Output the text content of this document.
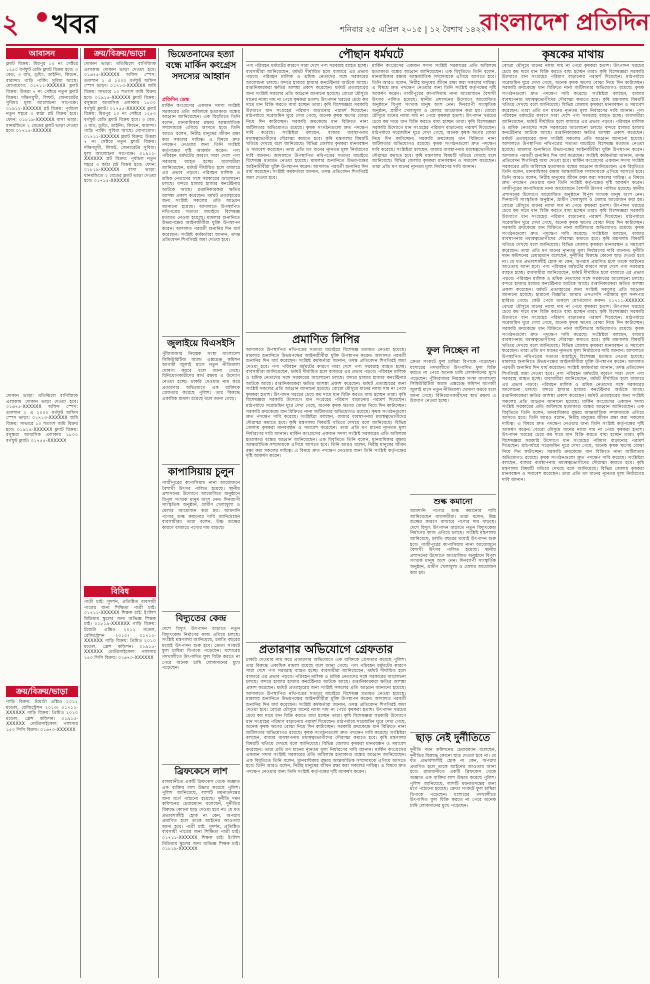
২ খবর	শনিবার ২৫ এপ্রিল ২০১৫ | ১২ বৈশাখ ১৪২২
বাংলাদেশ প্রতিদিন
আবাসন
ফ্ল্যাট বিক্রয়: মিরপুর ১০ নং সেক্টরে ১২৫০ বর্গফুট রেডি ফ্ল্যাট বিক্রয় হবে। ৩ বেড, ৩ বাথ, ড্রয়িং, ডাইনিং, কিচেন, বারান্দা। গাড়ি পার্কিং সুবিধা আছে। যোগাযোগ: ০১৭১১-XXXXXX ফ্ল্যাট বিক্রয়: উত্তরা ৭ নং সেক্টরে নতুন ফ্ল্যাট বিক্রয়। দক্ষিণমুখী, লিফট, জেনারেটর সুবিধা। মূল্য আলোচনা সাপেক্ষে। ০১৯১২-XXXXXX প্লট বিক্রয়: পূর্বাচল নতুন শহরে ৩ কাঠা প্লট বিক্রয় হবে। ফোন: ০১৮১৯-XXXXXX বাসা ভাড়া: ধানমন্ডিতে ২ বেডের ফ্ল্যাট ভাড়া দেওয়া হবে। ০১৭১৫-XXXXXX
দোকান ভাড়া: মতিঝিলে বাণিজ্যিক এলাকায় দোকান ভাড়া দেওয়া হবে। ০১৬৭৫-XXXXXX অফিস স্পেস: গুলশান ২ এ ২০০০ বর্গফুট অফিস স্পেস ভাড়া। ০১৭১৩-XXXXXX জমি বিক্রয়: সাভারে ১০ শতাংশ জমি বিক্রয় হবে। ০১৯১৪-XXXXXX ফ্ল্যাট বিক্রয়: বসুন্ধরা আবাসিক এলাকায় ১৮০০ বর্গফুট ফ্ল্যাট। ০১৭৫৫-XXXXXX
ক্রয়/বিক্রয়/ভাড়া
গাড়ি বিক্রয়: টয়োটা এক্সিও ২০১২ মডেল, রেজিস্ট্রেশন ২০১৩। ০১৭১২-XXXXXX গাড়ি বিক্রয়: প্রিমিও ২০১০ মডেল, ফ্রেশ কন্ডিশন। ০১৯১৫-XXXXXX মোটরসাইকেল: পালসার ১৫০ সিসি বিক্রয়। ০১৬৭০-XXXXXX
ক্রয়/বিক্রয়/ভাড়া
দোকান ভাড়া: মতিঝিলে বাণিজ্যিক এলাকায় দোকান ভাড়া দেওয়া হবে। ০১৬৭৫-XXXXXX অফিস স্পেস: গুলশান ২ এ ২০০০ বর্গফুট অফিস স্পেস ভাড়া। ০১৭১৩-XXXXXX জমি বিক্রয়: সাভারে ১০ শতাংশ জমি বিক্রয় হবে। ০১৯১৪-XXXXXX ফ্ল্যাট বিক্রয়: বসুন্ধরা আবাসিক এলাকায় ১৮০০ বর্গফুট ফ্ল্যাট। ০১৭৫৫-XXXXXX ফ্ল্যাট বিক্রয়: মিরপুর ১০ নং সেক্টরে ১২৫০ বর্গফুট রেডি ফ্ল্যাট বিক্রয় হবে। ৩ বেড, ৩ বাথ, ড্রয়িং, ডাইনিং, কিচেন, বারান্দা। গাড়ি পার্কিং সুবিধা আছে। যোগাযোগ: ০১৭১১-XXXXXX ফ্ল্যাট বিক্রয়: উত্তরা ৭ নং সেক্টরে নতুন ফ্ল্যাট বিক্রয়। দক্ষিণমুখী, লিফট, জেনারেটর সুবিধা। মূল্য আলোচনা সাপেক্ষে। ০১৯১২-XXXXXX প্লট বিক্রয়: পূর্বাচল নতুন শহরে ৩ কাঠা প্লট বিক্রয় হবে। ফোন: ০১৮১৯-XXXXXX বাসা ভাড়া: ধানমন্ডিতে ২ বেডের ফ্ল্যাট ভাড়া দেওয়া হবে। ০১৭১৫-XXXXXX
বিবিধ
পাত্রী চাই: সুদর্শন, প্রতিষ্ঠিত ব্যবসায়ী পাত্রের জন্য শিক্ষিতা পাত্রী চাই। ০১৭১১-XXXXXX শিক্ষক চাই: ইংলিশ মিডিয়াম স্কুলের জন্য অভিজ্ঞ শিক্ষক চাই। ০১৮১৯-XXXXXX গাড়ি বিক্রয়: টয়োটা এক্সিও ২০১২ মডেল, রেজিস্ট্রেশন ২০১৩। ০১৭১২-XXXXXX গাড়ি বিক্রয়: প্রিমিও ২০১০ মডেল, ফ্রেশ কন্ডিশন। ০১৯১৫-XXXXXX মোটরসাইকেল: পালসার ১৫০ সিসি বিক্রয়। ০১৬৭০-XXXXXX
ভিয়েতনামের হত্যা বন্ধে মার্কিন কংগ্রেস সদস্যের আহ্বান
প্রতিদিন ডেস্ক
মার্কিন কংগ্রেসের একজন সদস্য সংশ্লিষ্ট সরকারের প্রতি অবিলম্বে হত্যাকাণ্ড বন্ধের আহ্বান জানিয়েছেন। এক বিবৃতিতে তিনি বলেন, মানবাধিকার রক্ষায় আন্তর্জাতিক সম্প্রদায়কে এগিয়ে আসতে হবে। তিনি আরও বলেন, নিরীহ মানুষের জীবন রক্ষা করা সকলের দায়িত্ব। এ বিষয়ে দ্রুত পদক্ষেপ নেওয়ার জন্য তিনি সংশ্লিষ্ট কর্তৃপক্ষের দৃষ্টি আকর্ষণ করেন। পণ্য পরিবহন ধর্মঘটের কারণে সারা দেশে পণ্য সরবরাহ ব্যাহত হচ্ছে। ব্যবসায়ীরা জানিয়েছেন, ধর্মঘট দীর্ঘায়িত হলে বাজারে এর প্রভাব পড়বে। পরিবহন মালিক ও শ্রমিক নেতাদের সঙ্গে সরকারের আলোচনা চলছে। বন্দরে হাজার হাজার কনটেইনার আটকে আছে। রপ্তানিকারকরা ক্ষতির আশঙ্কা প্রকাশ করেছেন। ধর্মঘট প্রত্যাহারের জন্য সংশ্লিষ্ট সকলের প্রতি আহ্বান জানানো হয়েছে। আদালতে উপস্থাপিত নথিপত্রের সত্যতা যাচাইয়ে বিশেষজ্ঞ মতামত নেওয়া হয়েছে। মামলার শুনানিতে উভয়পক্ষের আইনজীবীরা যুক্তি উপস্থাপন করেন। আদালত পরবর্তী শুনানির দিন ধার্য করেছেন। সংশ্লিষ্ট কর্মকর্তারা জানান, তদন্ত প্রতিবেদন শিগগিরই জমা দেওয়া হবে।
জুলাইয়ে বিএসইসি
পুঁজিবাজার নিয়ন্ত্রক সংস্থা বাংলাদেশ সিকিউরিটিজ অ্যান্ড এক্সচেঞ্জ কমিশন আগামী জুলাই মাসে নতুন নীতিমালা ঘোষণা করবে বলে জানা গেছে। বিনিয়োগকারীদের স্বার্থ রক্ষায় এ উদ্যোগ নেওয়া হচ্ছে। চাকরি দেওয়ার নাম করে প্রতারণার অভিযোগে এক ব্যক্তিকে গ্রেফতার করেছে পুলিশ। তার বিরুদ্ধে একাধিক মামলা রয়েছে বলে জানা গেছে।
কাপাসিয়ায় চুলুন
গাজীপুরের কাপাসিয়ায় নানা আয়োজনে বৈশাখী উৎসব পালিত হয়েছে। স্থানীয় প্রশাসনের উদ্যোগে আয়োজিত অনুষ্ঠানে বিপুল সংখ্যক মানুষ অংশ নেন। দিনব্যাপী সাংস্কৃতিক অনুষ্ঠান, গ্রামীণ খেলাধুলা ও মেলার আয়োজন করা হয়। আমদানি পণ্যের শুল্ক কমানোর দাবি জানিয়েছেন ব্যবসায়ীরা। তারা বলেন, উচ্চ শুল্কের কারণে বাজারে পণ্যের দাম বাড়ছে।
বিদ্যুতের কেন্দ্র
দেশে বিদ্যুৎ উৎপাদন বাড়াতে নতুন বিদ্যুৎকেন্দ্র নির্মাণের কাজ এগিয়ে চলছে। সংশ্লিষ্ট মন্ত্রণালয় জানিয়েছে, চলতি বছরের মধ্যেই উৎপাদন শুরু হবে। ক্রেতা সংকটে ফুল চাষিরা বিপাকে পড়েছেন। যশোরের গদখালীতে উৎপাদিত ফুল বিক্রি করতে না পেরে অনেক চাষি লোকসানের মুখে পড়েছেন।
ব্রিফকেসে লাশ
রাজধানীতে একটি ব্রিফকেস থেকে অজ্ঞাত এক ব্যক্তির লাশ উদ্ধার করেছে পুলিশ। পুলিশ জানিয়েছে, লাশটি ময়নাতদন্তের জন্য মর্গে পাঠানো হয়েছে। দুর্নীতি দমন কমিশনের চেয়ারম্যান বলেছেন, দুর্নীতির বিরুদ্ধে কোনো ছাড় দেওয়া হবে না। যে যত প্রভাবশালীই হোক না কেন, অপরাধ প্রমাণিত হলে তাকে আইনের আওতায় আনা হবে। পাত্রী চাই: সুদর্শন, প্রতিষ্ঠিত ব্যবসায়ী পাত্রের জন্য শিক্ষিতা পাত্রী চাই। ০১৭১১-XXXXXX শিক্ষক চাই: ইংলিশ মিডিয়াম স্কুলের জন্য অভিজ্ঞ শিক্ষক চাই। ০১৮১৯-XXXXXX
পৌছান ধর্মঘটে
পণ্য পরিবহন ধর্মঘটের কারণে সারা দেশে পণ্য সরবরাহ ব্যাহত হচ্ছে। ব্যবসায়ীরা জানিয়েছেন, ধর্মঘট দীর্ঘায়িত হলে বাজারে এর প্রভাব পড়বে। পরিবহন মালিক ও শ্রমিক নেতাদের সঙ্গে সরকারের আলোচনা চলছে। বন্দরে হাজার হাজার কনটেইনার আটকে আছে। রপ্তানিকারকরা ক্ষতির আশঙ্কা প্রকাশ করেছেন। ধর্মঘট প্রত্যাহারের জন্য সংশ্লিষ্ট সকলের প্রতি আহ্বান জানানো হয়েছে। বোরো মৌসুমে ধানের ন্যায্য দাম না পেয়ে কৃষকরা হতাশ। উৎপাদন খরচের চেয়ে কম দামে ধান বিক্রি করতে বাধ্য হচ্ছেন তারা। কৃষি বিশেষজ্ঞরা সরকারি উদ্যোগে ধান সংগ্রহের পরিমাণ বাড়ানোর পরামর্শ দিয়েছেন। মাঠপর্যায়ে সরেজমিন ঘুরে দেখা গেছে, অনেক কৃষক ঋণের বোঝা নিয়ে দিন কাটাচ্ছেন। সরকারি ক্রয়কেন্দ্রে ধান বিক্রিতে নানা জটিলতার অভিযোগও রয়েছে। কৃষক সংগঠনগুলো দ্রুত পদক্ষেপ দাবি করেছে। সংশ্লিষ্টরা বলছেন, বাজার ব্যবস্থাপনায় মধ্যস্বত্বভোগীদের দৌরাত্ম্য কমাতে হবে। কৃষি মন্ত্রণালয় বিষয়টি খতিয়ে দেখছে বলে জানিয়েছে। বিভিন্ন জেলায় কৃষকরা মানববন্ধন ও সমাবেশ করেছেন। তারা প্রতি মণ ধানের ন্যূনতম মূল্য নির্ধারণের দাবি জানান। আদালতে উপস্থাপিত নথিপত্রের সত্যতা যাচাইয়ে বিশেষজ্ঞ মতামত নেওয়া হয়েছে। মামলার শুনানিতে উভয়পক্ষের আইনজীবীরা যুক্তি উপস্থাপন করেন। আদালত পরবর্তী শুনানির দিন ধার্য করেছেন। সংশ্লিষ্ট কর্মকর্তারা জানান, তদন্ত প্রতিবেদন শিগগিরই জমা দেওয়া হবে।
মার্কিন কংগ্রেসের একজন সদস্য সংশ্লিষ্ট সরকারের প্রতি অবিলম্বে হত্যাকাণ্ড বন্ধের আহ্বান জানিয়েছেন। এক বিবৃতিতে তিনি বলেন, মানবাধিকার রক্ষায় আন্তর্জাতিক সম্প্রদায়কে এগিয়ে আসতে হবে। তিনি আরও বলেন, নিরীহ মানুষের জীবন রক্ষা করা সকলের দায়িত্ব। এ বিষয়ে দ্রুত পদক্ষেপ নেওয়ার জন্য তিনি সংশ্লিষ্ট কর্তৃপক্ষের দৃষ্টি আকর্ষণ করেন। গাজীপুরের কাপাসিয়ায় নানা আয়োজনে বৈশাখী উৎসব পালিত হয়েছে। স্থানীয় প্রশাসনের উদ্যোগে আয়োজিত অনুষ্ঠানে বিপুল সংখ্যক মানুষ অংশ নেন। দিনব্যাপী সাংস্কৃতিক অনুষ্ঠান, গ্রামীণ খেলাধুলা ও মেলার আয়োজন করা হয়। বোরো মৌসুমে ধানের ন্যায্য দাম না পেয়ে কৃষকরা হতাশ। উৎপাদন খরচের চেয়ে কম দামে ধান বিক্রি করতে বাধ্য হচ্ছেন তারা। কৃষি বিশেষজ্ঞরা সরকারি উদ্যোগে ধান সংগ্রহের পরিমাণ বাড়ানোর পরামর্শ দিয়েছেন। মাঠপর্যায়ে সরেজমিন ঘুরে দেখা গেছে, অনেক কৃষক ঋণের বোঝা নিয়ে দিন কাটাচ্ছেন। সরকারি ক্রয়কেন্দ্রে ধান বিক্রিতে নানা জটিলতার অভিযোগও রয়েছে। কৃষক সংগঠনগুলো দ্রুত পদক্ষেপ দাবি করেছে। সংশ্লিষ্টরা বলছেন, বাজার ব্যবস্থাপনায় মধ্যস্বত্বভোগীদের দৌরাত্ম্য কমাতে হবে। কৃষি মন্ত্রণালয় বিষয়টি খতিয়ে দেখছে বলে জানিয়েছে। বিভিন্ন জেলায় কৃষকরা মানববন্ধন ও সমাবেশ করেছেন। তারা প্রতি মণ ধানের ন্যূনতম মূল্য নির্ধারণের দাবি জানান।
প্রমাণিত লিপির
আদালতে উপস্থাপিত নথিপত্রের সত্যতা যাচাইয়ে বিশেষজ্ঞ মতামত নেওয়া হয়েছে। মামলার শুনানিতে উভয়পক্ষের আইনজীবীরা যুক্তি উপস্থাপন করেন। আদালত পরবর্তী শুনানির দিন ধার্য করেছেন। সংশ্লিষ্ট কর্মকর্তারা জানান, তদন্ত প্রতিবেদন শিগগিরই জমা দেওয়া হবে। পণ্য পরিবহন ধর্মঘটের কারণে সারা দেশে পণ্য সরবরাহ ব্যাহত হচ্ছে। ব্যবসায়ীরা জানিয়েছেন, ধর্মঘট দীর্ঘায়িত হলে বাজারে এর প্রভাব পড়বে। পরিবহন মালিক ও শ্রমিক নেতাদের সঙ্গে সরকারের আলোচনা চলছে। বন্দরে হাজার হাজার কনটেইনার আটকে আছে। রপ্তানিকারকরা ক্ষতির আশঙ্কা প্রকাশ করেছেন। ধর্মঘট প্রত্যাহারের জন্য সংশ্লিষ্ট সকলের প্রতি আহ্বান জানানো হয়েছে। বোরো মৌসুমে ধানের ন্যায্য দাম না পেয়ে কৃষকরা হতাশ। উৎপাদন খরচের চেয়ে কম দামে ধান বিক্রি করতে বাধ্য হচ্ছেন তারা। কৃষি বিশেষজ্ঞরা সরকারি উদ্যোগে ধান সংগ্রহের পরিমাণ বাড়ানোর পরামর্শ দিয়েছেন। মাঠপর্যায়ে সরেজমিন ঘুরে দেখা গেছে, অনেক কৃষক ঋণের বোঝা নিয়ে দিন কাটাচ্ছেন। সরকারি ক্রয়কেন্দ্রে ধান বিক্রিতে নানা জটিলতার অভিযোগও রয়েছে। কৃষক সংগঠনগুলো দ্রুত পদক্ষেপ দাবি করেছে। সংশ্লিষ্টরা বলছেন, বাজার ব্যবস্থাপনায় মধ্যস্বত্বভোগীদের দৌরাত্ম্য কমাতে হবে। কৃষি মন্ত্রণালয় বিষয়টি খতিয়ে দেখছে বলে জানিয়েছে। বিভিন্ন জেলায় কৃষকরা মানববন্ধন ও সমাবেশ করেছেন। তারা প্রতি মণ ধানের ন্যূনতম মূল্য নির্ধারণের দাবি জানান। মার্কিন কংগ্রেসের একজন সদস্য সংশ্লিষ্ট সরকারের প্রতি অবিলম্বে হত্যাকাণ্ড বন্ধের আহ্বান জানিয়েছেন। এক বিবৃতিতে তিনি বলেন, মানবাধিকার রক্ষায় আন্তর্জাতিক সম্প্রদায়কে এগিয়ে আসতে হবে। তিনি আরও বলেন, নিরীহ মানুষের জীবন রক্ষা করা সকলের দায়িত্ব। এ বিষয়ে দ্রুত পদক্ষেপ নেওয়ার জন্য তিনি সংশ্লিষ্ট কর্তৃপক্ষের দৃষ্টি আকর্ষণ করেন।
ফুল নিচ্ছেন না
ক্রেতা সংকটে ফুল চাষিরা বিপাকে পড়েছেন। যশোরের গদখালীতে উৎপাদিত ফুল বিক্রি করতে না পেরে অনেক চাষি লোকসানের মুখে পড়েছেন। পুঁজিবাজার নিয়ন্ত্রক সংস্থা বাংলাদেশ সিকিউরিটিজ অ্যান্ড এক্সচেঞ্জ কমিশন আগামী জুলাই মাসে নতুন নীতিমালা ঘোষণা করবে বলে জানা গেছে। বিনিয়োগকারীদের স্বার্থ রক্ষায় এ উদ্যোগ নেওয়া হচ্ছে।
শুল্ক কমানো
আমদানি পণ্যের শুল্ক কমানোর দাবি জানিয়েছেন ব্যবসায়ীরা। তারা বলেন, উচ্চ শুল্কের কারণে বাজারে পণ্যের দাম বাড়ছে। দেশে বিদ্যুৎ উৎপাদন বাড়াতে নতুন বিদ্যুৎকেন্দ্র নির্মাণের কাজ এগিয়ে চলছে। সংশ্লিষ্ট মন্ত্রণালয় জানিয়েছে, চলতি বছরের মধ্যেই উৎপাদন শুরু হবে। গাজীপুরের কাপাসিয়ায় নানা আয়োজনে বৈশাখী উৎসব পালিত হয়েছে। স্থানীয় প্রশাসনের উদ্যোগে আয়োজিত অনুষ্ঠানে বিপুল সংখ্যক মানুষ অংশ নেন। দিনব্যাপী সাংস্কৃতিক অনুষ্ঠান, গ্রামীণ খেলাধুলা ও মেলার আয়োজন করা হয়।
প্রতারণার অভিযোগে গ্রেফতার
চাকরি দেওয়ার নাম করে প্রতারণার অভিযোগে এক ব্যক্তিকে গ্রেফতার করেছে পুলিশ। তার বিরুদ্ধে একাধিক মামলা রয়েছে বলে জানা গেছে। পণ্য পরিবহন ধর্মঘটের কারণে সারা দেশে পণ্য সরবরাহ ব্যাহত হচ্ছে। ব্যবসায়ীরা জানিয়েছেন, ধর্মঘট দীর্ঘায়িত হলে বাজারে এর প্রভাব পড়বে। পরিবহন মালিক ও শ্রমিক নেতাদের সঙ্গে সরকারের আলোচনা চলছে। বন্দরে হাজার হাজার কনটেইনার আটকে আছে। রপ্তানিকারকরা ক্ষতির আশঙ্কা প্রকাশ করেছেন। ধর্মঘট প্রত্যাহারের জন্য সংশ্লিষ্ট সকলের প্রতি আহ্বান জানানো হয়েছে। আদালতে উপস্থাপিত নথিপত্রের সত্যতা যাচাইয়ে বিশেষজ্ঞ মতামত নেওয়া হয়েছে। মামলার শুনানিতে উভয়পক্ষের আইনজীবীরা যুক্তি উপস্থাপন করেন। আদালত পরবর্তী শুনানির দিন ধার্য করেছেন। সংশ্লিষ্ট কর্মকর্তারা জানান, তদন্ত প্রতিবেদন শিগগিরই জমা দেওয়া হবে। বোরো মৌসুমে ধানের ন্যায্য দাম না পেয়ে কৃষকরা হতাশ। উৎপাদন খরচের চেয়ে কম দামে ধান বিক্রি করতে বাধ্য হচ্ছেন তারা। কৃষি বিশেষজ্ঞরা সরকারি উদ্যোগে ধান সংগ্রহের পরিমাণ বাড়ানোর পরামর্শ দিয়েছেন। মাঠপর্যায়ে সরেজমিন ঘুরে দেখা গেছে, অনেক কৃষক ঋণের বোঝা নিয়ে দিন কাটাচ্ছেন। সরকারি ক্রয়কেন্দ্রে ধান বিক্রিতে নানা জটিলতার অভিযোগও রয়েছে। কৃষক সংগঠনগুলো দ্রুত পদক্ষেপ দাবি করেছে। সংশ্লিষ্টরা বলছেন, বাজার ব্যবস্থাপনায় মধ্যস্বত্বভোগীদের দৌরাত্ম্য কমাতে হবে। কৃষি মন্ত্রণালয় বিষয়টি খতিয়ে দেখছে বলে জানিয়েছে। বিভিন্ন জেলায় কৃষকরা মানববন্ধন ও সমাবেশ করেছেন। তারা প্রতি মণ ধানের ন্যূনতম মূল্য নির্ধারণের দাবি জানান। মার্কিন কংগ্রেসের একজন সদস্য সংশ্লিষ্ট সরকারের প্রতি অবিলম্বে হত্যাকাণ্ড বন্ধের আহ্বান জানিয়েছেন। এক বিবৃতিতে তিনি বলেন, মানবাধিকার রক্ষায় আন্তর্জাতিক সম্প্রদায়কে এগিয়ে আসতে হবে। তিনি আরও বলেন, নিরীহ মানুষের জীবন রক্ষা করা সকলের দায়িত্ব। এ বিষয়ে দ্রুত পদক্ষেপ নেওয়ার জন্য তিনি সংশ্লিষ্ট কর্তৃপক্ষের দৃষ্টি আকর্ষণ করেন।
ছাড় নেই দুর্নীতিতে
দুর্নীতি দমন কমিশনের চেয়ারম্যান বলেছেন, দুর্নীতির বিরুদ্ধে কোনো ছাড় দেওয়া হবে না। যে যত প্রভাবশালীই হোক না কেন, অপরাধ প্রমাণিত হলে তাকে আইনের আওতায় আনা হবে। রাজধানীতে একটি ব্রিফকেস থেকে অজ্ঞাত এক ব্যক্তির লাশ উদ্ধার করেছে পুলিশ। পুলিশ জানিয়েছে, লাশটি ময়নাতদন্তের জন্য মর্গে পাঠানো হয়েছে। ক্রেতা সংকটে ফুল চাষিরা বিপাকে পড়েছেন। যশোরের গদখালীতে উৎপাদিত ফুল বিক্রি করতে না পেরে অনেক চাষি লোকসানের মুখে পড়েছেন।
কৃষকের মাথায়
বোরো মৌসুমে ধানের ন্যায্য দাম না পেয়ে কৃষকরা হতাশ। উৎপাদন খরচের চেয়ে কম দামে ধান বিক্রি করতে বাধ্য হচ্ছেন তারা। কৃষি বিশেষজ্ঞরা সরকারি উদ্যোগে ধান সংগ্রহের পরিমাণ বাড়ানোর পরামর্শ দিয়েছেন। মাঠপর্যায়ে সরেজমিন ঘুরে দেখা গেছে, অনেক কৃষক ঋণের বোঝা নিয়ে দিন কাটাচ্ছেন। সরকারি ক্রয়কেন্দ্রে ধান বিক্রিতে নানা জটিলতার অভিযোগও রয়েছে। কৃষক সংগঠনগুলো দ্রুত পদক্ষেপ দাবি করেছে। সংশ্লিষ্টরা বলছেন, বাজার ব্যবস্থাপনায় মধ্যস্বত্বভোগীদের দৌরাত্ম্য কমাতে হবে। কৃষি মন্ত্রণালয় বিষয়টি খতিয়ে দেখছে বলে জানিয়েছে। বিভিন্ন জেলায় কৃষকরা মানববন্ধন ও সমাবেশ করেছেন। তারা প্রতি মণ ধানের ন্যূনতম মূল্য নির্ধারণের দাবি জানান। পণ্য পরিবহন ধর্মঘটের কারণে সারা দেশে পণ্য সরবরাহ ব্যাহত হচ্ছে। ব্যবসায়ীরা জানিয়েছেন, ধর্মঘট দীর্ঘায়িত হলে বাজারে এর প্রভাব পড়বে। পরিবহন মালিক ও শ্রমিক নেতাদের সঙ্গে সরকারের আলোচনা চলছে। বন্দরে হাজার হাজার কনটেইনার আটকে আছে। রপ্তানিকারকরা ক্ষতির আশঙ্কা প্রকাশ করেছেন। ধর্মঘট প্রত্যাহারের জন্য সংশ্লিষ্ট সকলের প্রতি আহ্বান জানানো হয়েছে। আদালতে উপস্থাপিত নথিপত্রের সত্যতা যাচাইয়ে বিশেষজ্ঞ মতামত নেওয়া হয়েছে। মামলার শুনানিতে উভয়পক্ষের আইনজীবীরা যুক্তি উপস্থাপন করেন। আদালত পরবর্তী শুনানির দিন ধার্য করেছেন। সংশ্লিষ্ট কর্মকর্তারা জানান, তদন্ত প্রতিবেদন শিগগিরই জমা দেওয়া হবে। মার্কিন কংগ্রেসের একজন সদস্য সংশ্লিষ্ট সরকারের প্রতি অবিলম্বে হত্যাকাণ্ড বন্ধের আহ্বান জানিয়েছেন। এক বিবৃতিতে তিনি বলেন, মানবাধিকার রক্ষায় আন্তর্জাতিক সম্প্রদায়কে এগিয়ে আসতে হবে। তিনি আরও বলেন, নিরীহ মানুষের জীবন রক্ষা করা সকলের দায়িত্ব। এ বিষয়ে দ্রুত পদক্ষেপ নেওয়ার জন্য তিনি সংশ্লিষ্ট কর্তৃপক্ষের দৃষ্টি আকর্ষণ করেন। গাজীপুরের কাপাসিয়ায় নানা আয়োজনে বৈশাখী উৎসব পালিত হয়েছে। স্থানীয় প্রশাসনের উদ্যোগে আয়োজিত অনুষ্ঠানে বিপুল সংখ্যক মানুষ অংশ নেন। দিনব্যাপী সাংস্কৃতিক অনুষ্ঠান, গ্রামীণ খেলাধুলা ও মেলার আয়োজন করা হয়। বোরো মৌসুমে ধানের ন্যায্য দাম না পেয়ে কৃষকরা হতাশ। উৎপাদন খরচের চেয়ে কম দামে ধান বিক্রি করতে বাধ্য হচ্ছেন তারা। কৃষি বিশেষজ্ঞরা সরকারি উদ্যোগে ধান সংগ্রহের পরিমাণ বাড়ানোর পরামর্শ দিয়েছেন। মাঠপর্যায়ে সরেজমিন ঘুরে দেখা গেছে, অনেক কৃষক ঋণের বোঝা নিয়ে দিন কাটাচ্ছেন। সরকারি ক্রয়কেন্দ্রে ধান বিক্রিতে নানা জটিলতার অভিযোগও রয়েছে। কৃষক সংগঠনগুলো দ্রুত পদক্ষেপ দাবি করেছে। সংশ্লিষ্টরা বলছেন, বাজার ব্যবস্থাপনায় মধ্যস্বত্বভোগীদের দৌরাত্ম্য কমাতে হবে। কৃষি মন্ত্রণালয় বিষয়টি খতিয়ে দেখছে বলে জানিয়েছে। বিভিন্ন জেলায় কৃষকরা মানববন্ধন ও সমাবেশ করেছেন। তারা প্রতি মণ ধানের ন্যূনতম মূল্য নির্ধারণের দাবি জানান। দুর্নীতি দমন কমিশনের চেয়ারম্যান বলেছেন, দুর্নীতির বিরুদ্ধে কোনো ছাড় দেওয়া হবে না। যে যত প্রভাবশালীই হোক না কেন, অপরাধ প্রমাণিত হলে তাকে আইনের আওতায় আনা হবে। পণ্য পরিবহন ধর্মঘটের কারণে সারা দেশে পণ্য সরবরাহ ব্যাহত হচ্ছে। ব্যবসায়ীরা জানিয়েছেন, ধর্মঘট দীর্ঘায়িত হলে বাজারে এর প্রভাব পড়বে। পরিবহন মালিক ও শ্রমিক নেতাদের সঙ্গে সরকারের আলোচনা চলছে। বন্দরে হাজার হাজার কনটেইনার আটকে আছে। রপ্তানিকারকরা ক্ষতির আশঙ্কা প্রকাশ করেছেন। ধর্মঘট প্রত্যাহারের জন্য সংশ্লিষ্ট সকলের প্রতি আহ্বান জানানো হয়েছে। হারানো বিজ্ঞপ্তি: আমার এসএসসি পরীক্ষার মূল সনদপত্র হারিয়ে গেছে। কেউ পেয়ে থাকলে যোগাযোগ করুন। ০১৭১১-XXXXXX বোরো মৌসুমে ধানের ন্যায্য দাম না পেয়ে কৃষকরা হতাশ। উৎপাদন খরচের চেয়ে কম দামে ধান বিক্রি করতে বাধ্য হচ্ছেন তারা। কৃষি বিশেষজ্ঞরা সরকারি উদ্যোগে ধান সংগ্রহের পরিমাণ বাড়ানোর পরামর্শ দিয়েছেন। মাঠপর্যায়ে সরেজমিন ঘুরে দেখা গেছে, অনেক কৃষক ঋণের বোঝা নিয়ে দিন কাটাচ্ছেন। সরকারি ক্রয়কেন্দ্রে ধান বিক্রিতে নানা জটিলতার অভিযোগও রয়েছে। কৃষক সংগঠনগুলো দ্রুত পদক্ষেপ দাবি করেছে। সংশ্লিষ্টরা বলছেন, বাজার ব্যবস্থাপনায় মধ্যস্বত্বভোগীদের দৌরাত্ম্য কমাতে হবে। কৃষি মন্ত্রণালয় বিষয়টি খতিয়ে দেখছে বলে জানিয়েছে। বিভিন্ন জেলায় কৃষকরা মানববন্ধন ও সমাবেশ করেছেন। তারা প্রতি মণ ধানের ন্যূনতম মূল্য নির্ধারণের দাবি জানান। আদালতে উপস্থাপিত নথিপত্রের সত্যতা যাচাইয়ে বিশেষজ্ঞ মতামত নেওয়া হয়েছে। মামলার শুনানিতে উভয়পক্ষের আইনজীবীরা যুক্তি উপস্থাপন করেন। আদালত পরবর্তী শুনানির দিন ধার্য করেছেন। সংশ্লিষ্ট কর্মকর্তারা জানান, তদন্ত প্রতিবেদন শিগগিরই জমা দেওয়া হবে। পণ্য পরিবহন ধর্মঘটের কারণে সারা দেশে পণ্য সরবরাহ ব্যাহত হচ্ছে। ব্যবসায়ীরা জানিয়েছেন, ধর্মঘট দীর্ঘায়িত হলে বাজারে এর প্রভাব পড়বে। পরিবহন মালিক ও শ্রমিক নেতাদের সঙ্গে সরকারের আলোচনা চলছে। বন্দরে হাজার হাজার কনটেইনার আটকে আছে। রপ্তানিকারকরা ক্ষতির আশঙ্কা প্রকাশ করেছেন। ধর্মঘট প্রত্যাহারের জন্য সংশ্লিষ্ট সকলের প্রতি আহ্বান জানানো হয়েছে। মার্কিন কংগ্রেসের একজন সদস্য সংশ্লিষ্ট সরকারের প্রতি অবিলম্বে হত্যাকাণ্ড বন্ধের আহ্বান জানিয়েছেন। এক বিবৃতিতে তিনি বলেন, মানবাধিকার রক্ষায় আন্তর্জাতিক সম্প্রদায়কে এগিয়ে আসতে হবে। তিনি আরও বলেন, নিরীহ মানুষের জীবন রক্ষা করা সকলের দায়িত্ব। এ বিষয়ে দ্রুত পদক্ষেপ নেওয়ার জন্য তিনি সংশ্লিষ্ট কর্তৃপক্ষের দৃষ্টি আকর্ষণ করেন। বোরো মৌসুমে ধানের ন্যায্য দাম না পেয়ে কৃষকরা হতাশ। উৎপাদন খরচের চেয়ে কম দামে ধান বিক্রি করতে বাধ্য হচ্ছেন তারা। কৃষি বিশেষজ্ঞরা সরকারি উদ্যোগে ধান সংগ্রহের পরিমাণ বাড়ানোর পরামর্শ দিয়েছেন। মাঠপর্যায়ে সরেজমিন ঘুরে দেখা গেছে, অনেক কৃষক ঋণের বোঝা নিয়ে দিন কাটাচ্ছেন। সরকারি ক্রয়কেন্দ্রে ধান বিক্রিতে নানা জটিলতার অভিযোগও রয়েছে। কৃষক সংগঠনগুলো দ্রুত পদক্ষেপ দাবি করেছে। সংশ্লিষ্টরা বলছেন, বাজার ব্যবস্থাপনায় মধ্যস্বত্বভোগীদের দৌরাত্ম্য কমাতে হবে। কৃষি মন্ত্রণালয় বিষয়টি খতিয়ে দেখছে বলে জানিয়েছে। বিভিন্ন জেলায় কৃষকরা মানববন্ধন ও সমাবেশ করেছেন। তারা প্রতি মণ ধানের ন্যূনতম মূল্য নির্ধারণের দাবি জানান।
